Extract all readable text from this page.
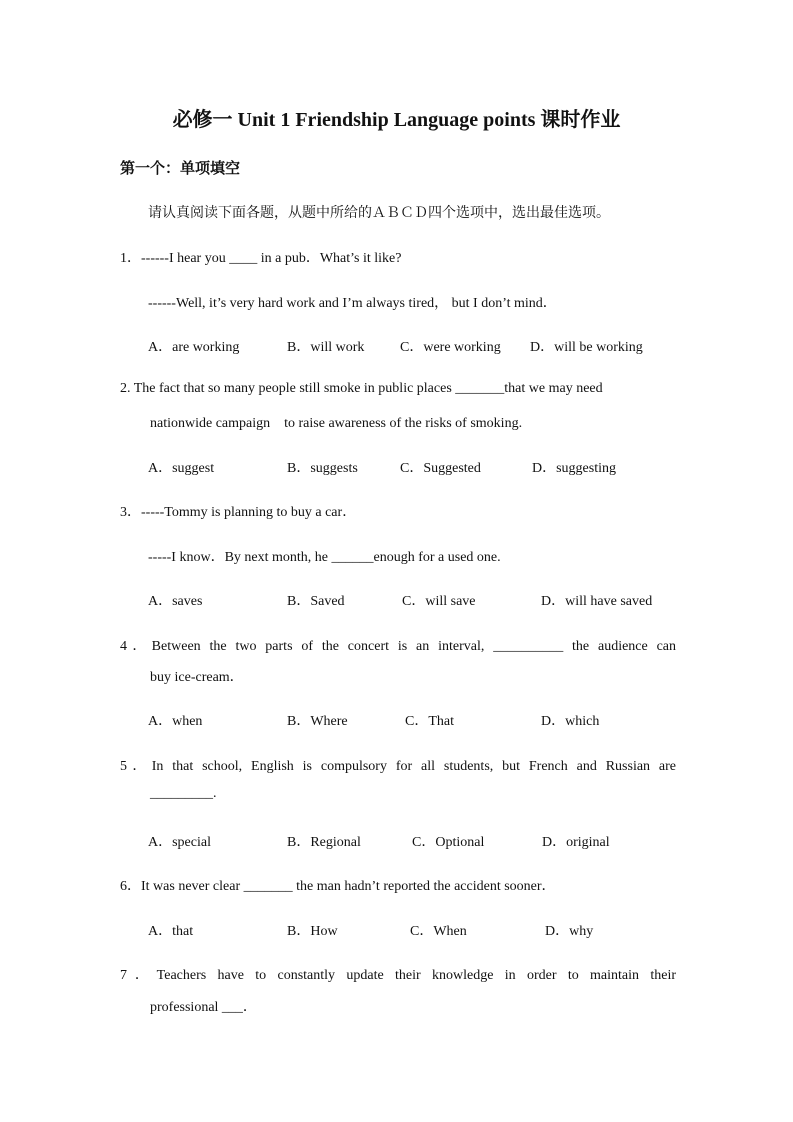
必修一 Unit 1 Friendship Language points 课时作业
第一个：单项填空
请认真阅读下面各题，从题中所给的ＡＢＣＤ四个选项中，选出最佳选项。
1．------I hear you ____ in a pub．What’s it like?
------Well, it’s very hard work and I’m always tired， but I don’t mind．
A．are working	B．will work	C．were working D．will be working
2. The fact that so many people still smoke in public places _______that we may need
nationwide campaign　to raise awareness of the risks of smoking.
A．suggest	B．suggests	C．Suggested	D．suggesting
3．-----Tommy is planning to buy a car．
-----I know．By next month, he ______enough for a used one.
A．saves	B．Saved	C．will save	D．will have saved
4．Between the two parts of the concert is an interval, __________ the audience can
buy ice-cream．
A．when	B．Where	C．That	D．which
5．In that school, English is compulsory for all students, but French and Russian are
_________.
A．special	B．Regional	C．Optional	D．original
6．It was never clear _______ the man hadn’t reported the accident sooner．
A．that	B．How	C．When	D．why
7．Teachers have to constantly update their knowledge in order to maintain their
professional ___．
